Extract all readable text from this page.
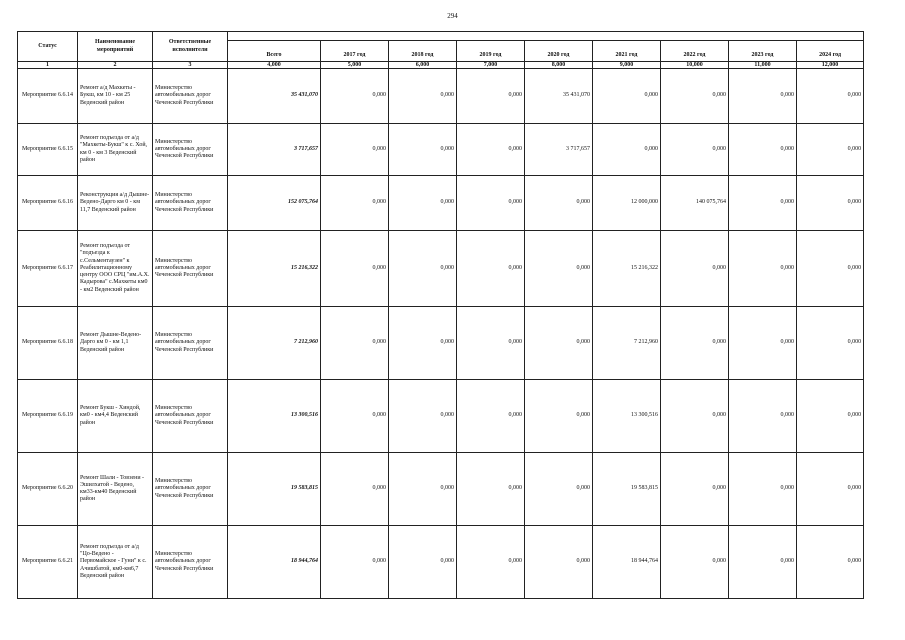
294
Статус	Наименование мероприятий	Ответственные исполнители									
			Всего	2017 год	2018 год	2019 год	2020 год	2021 год	2022 год	2023 год	2024 год
1	2	3	4,000	5,000	6,000	7,000	8,000	9,000	10,000	11,000	12,000
Мероприятие 6.6.14	Ремонт а/д Махкеты - Букш, км 10 - км 25 Веденский район	Министерство автомобильных дорог Чеченской Республики	35 431,070	0,000	0,000	0,000	35 431,070	0,000	0,000	0,000	0,000
Мероприятие 6.6.15	Ремонт подъезда от а/д "Махкеты-Букш" к с. Хой, км 0 - км 3 Веденский район	Министерство автомобильных дорог Чеченской Республики	3 717,657	0,000	0,000	0,000	3 717,657	0,000	0,000	0,000	0,000
Мероприятие 6.6.16	Реконструкция а/д Дышне-Ведено-Дарго км 0 - км 11,7 Веденский район	Министерство автомобильных дорог Чеченской Республики	152 075,764	0,000	0,000	0,000	0,000	12 000,000	140 075,764	0,000	0,000
Мероприятие 6.6.17	Ремонт подъезда от "подъезда к с.Сельментаузен" к Реабилитационному центру ООО СРЦ "им.А.Х. Кадырова" с.Махкеты км0 - км2 Веденский район	Министерство автомобильных дорог Чеченской Республики	15 216,322	0,000	0,000	0,000	0,000	15 216,322	0,000	0,000	0,000
Мероприятие 6.6.18	Ремонт Дышне-Ведено-Дарго км 0 - км 1,1 Веденский район	Министерство автомобильных дорог Чеченской Республики	7 212,960	0,000	0,000	0,000	0,000	7 212,960	0,000	0,000	0,000
Мероприятие 6.6.19	Ремонт Букш - Хиндой, км0 - км4,4 Веденский район	Министерство автомобильных дорог Чеченской Республики	13 300,516	0,000	0,000	0,000	0,000	13 300,516	0,000	0,000	0,000
Мероприятие 6.6.20	Ремонт Шали - Товзени - Эшилхатой - Ведено, км33-км40 Веденский район	Министерство автомобильных дорог Чеченской Республики	19 583,815	0,000	0,000	0,000	0,000	19 583,815	0,000	0,000	0,000
Мероприятие 6.6.21	Ремонт подъезда от а/д "Цо-Ведено - Первомайское - Гуни" к с. Ачишбатой, км0-км6,7 Веденский район	Министерство автомобильных дорог Чеченской Республики	18 944,764	0,000	0,000	0,000	0,000	18 944,764	0,000	0,000	0,000
